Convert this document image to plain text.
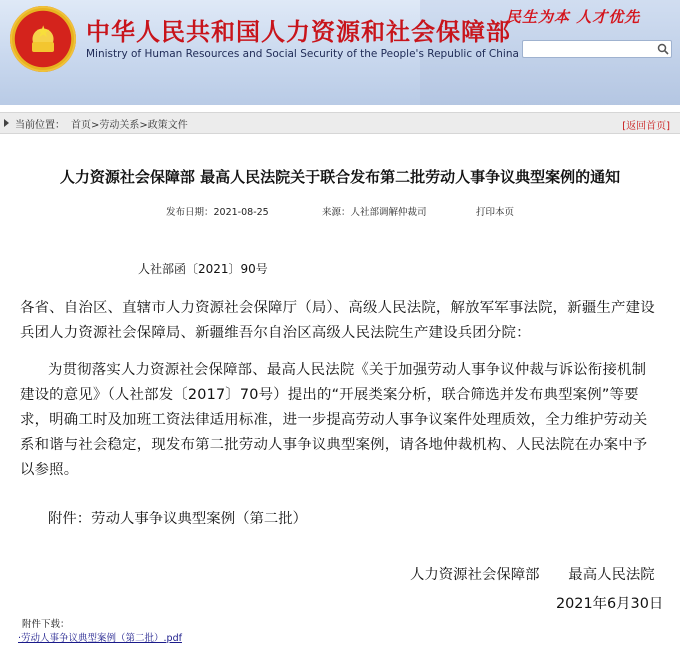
★ 中华人民共和国人力资源和社会保障部
Ministry of Human Resources and Social Security of the People's Republic of China
民生为本 人才优先
当前位置： 首页>劳动关系>政策文件	[返回首页]
人力资源社会保障部 最高人民法院关于联合发布第二批劳动人事争议典型案例的通知
发布日期：2021-08-25	来源：人社部调解仲裁司	打印本页
人社部函〔2021〕90号
各省、自治区、直辖市人力资源社会保障厅（局）、高级人民法院，解放军军事法院，新疆生产建设兵团人力资源社会保障局、新疆维吾尔自治区高级人民法院生产建设兵团分院：
为贯彻落实人力资源社会保障部、最高人民法院《关于加强劳动人事争议仲裁与诉讼衔接机制建设的意见》（人社部发〔2017〕70号）提出的“开展类案分析，联合筛选并发布典型案例”等要求，明确工时及加班工资法律适用标准，进一步提高劳动人事争议案件处理质效，全力维护劳动关系和谐与社会稳定，现发布第二批劳动人事争议典型案例，请各地仲裁机构、人民法院在办案中予以参照。
附件：劳动人事争议典型案例（第二批）
人力资源社会保障部　　最高人民法院
2021年6月30日
附件下载：
·劳动人事争议典型案例（第二批）.pdf
